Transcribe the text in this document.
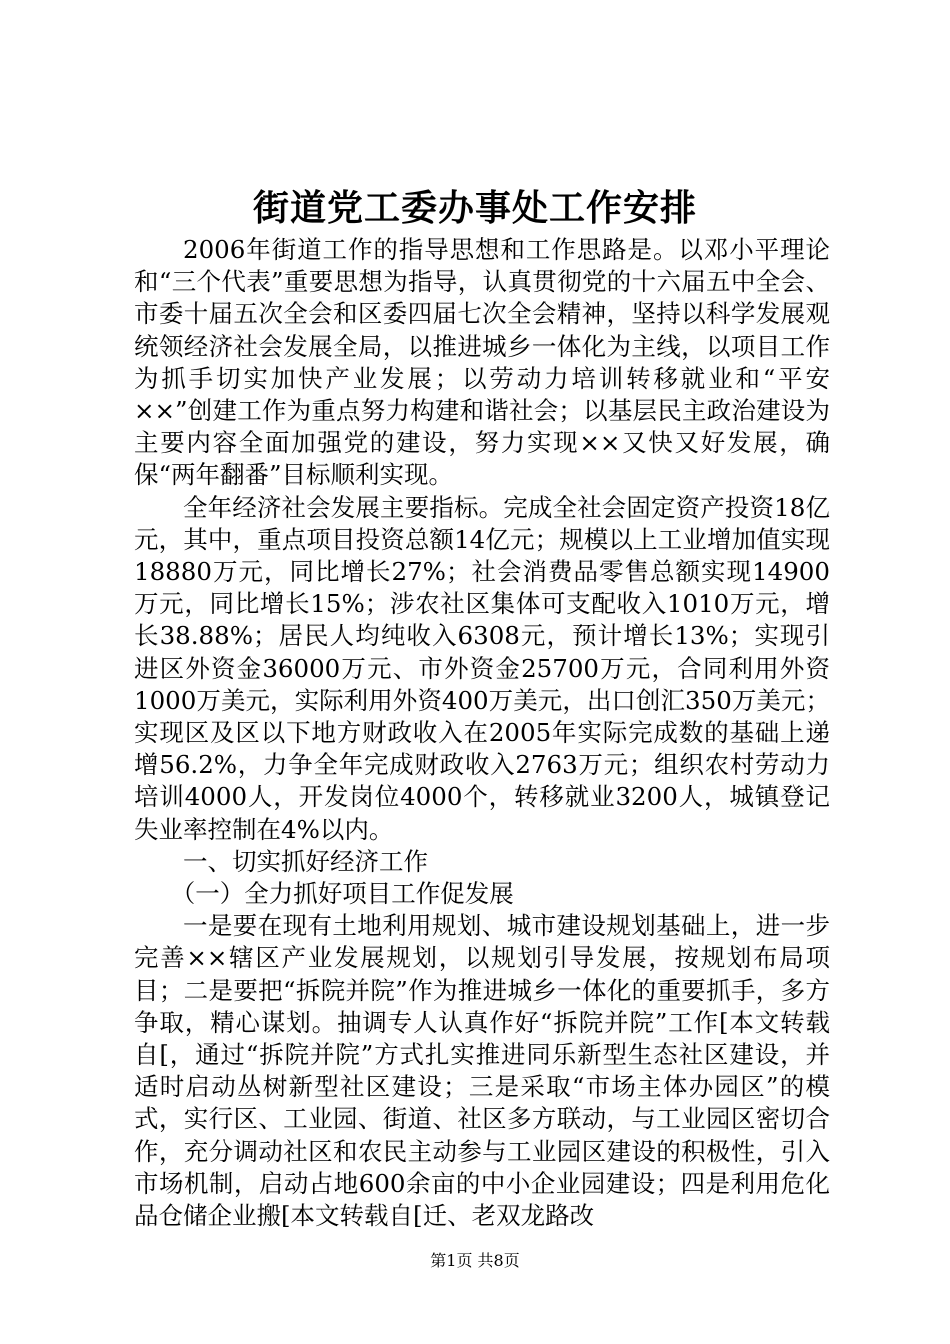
街道党工委办事处工作安排

2006年街道工作的指导思想和工作思路是。以邓小平理论和“三个代表”重要思想为指导，认真贯彻党的十六届五中全会、市委十届五次全会和区委四届七次全会精神，坚持以科学发展观统领经济社会发展全局，以推进城乡一体化为主线，以项目工作为抓手切实加快产业发展；以劳动力培训转移就业和“平安××”创建工作为重点努力构建和谐社会；以基层民主政治建设为主要内容全面加强党的建设，努力实现××又快又好发展，确保“两年翻番”目标顺利实现。

全年经济社会发展主要指标。完成全社会固定资产投资18亿元，其中，重点项目投资总额14亿元；规模以上工业增加值实现18880万元，同比增长27%；社会消费品零售总额实现14900万元，同比增长15%；涉农社区集体可支配收入1010万元，增长38.88%；居民人均纯收入6308元，预计增长13%；实现引进区外资金36000万元、市外资金25700万元，合同利用外资1000万美元，实际利用外资400万美元，出口创汇350万美元；实现区及区以下地方财政收入在2005年实际完成数的基础上递增56.2%，力争全年完成财政收入2763万元；组织农村劳动力培训4000人，开发岗位4000个，转移就业3200人，城镇登记失业率控制在4%以内。

一、切实抓好经济工作

（一）全力抓好项目工作促发展

一是要在现有土地利用规划、城市建设规划基础上，进一步完善××辖区产业发展规划，以规划引导发展，按规划布局项目；二是要把“拆院并院”作为推进城乡一体化的重要抓手，多方争取，精心谋划。抽调专人认真作好“拆院并院”工作[本文转载自[，通过“拆院并院”方式扎实推进同乐新型生态社区建设，并适时启动丛树新型社区建设；三是采取“市场主体办园区”的模式，实行区、工业园、街道、社区多方联动，与工业园区密切合作，充分调动社区和农民主动参与工业园区建设的积极性，引入市场机制，启动占地600余亩的中小企业园建设；四是利用危化品仓储企业搬[本文转载自[迁、老双龙路改

第1页 共8页
